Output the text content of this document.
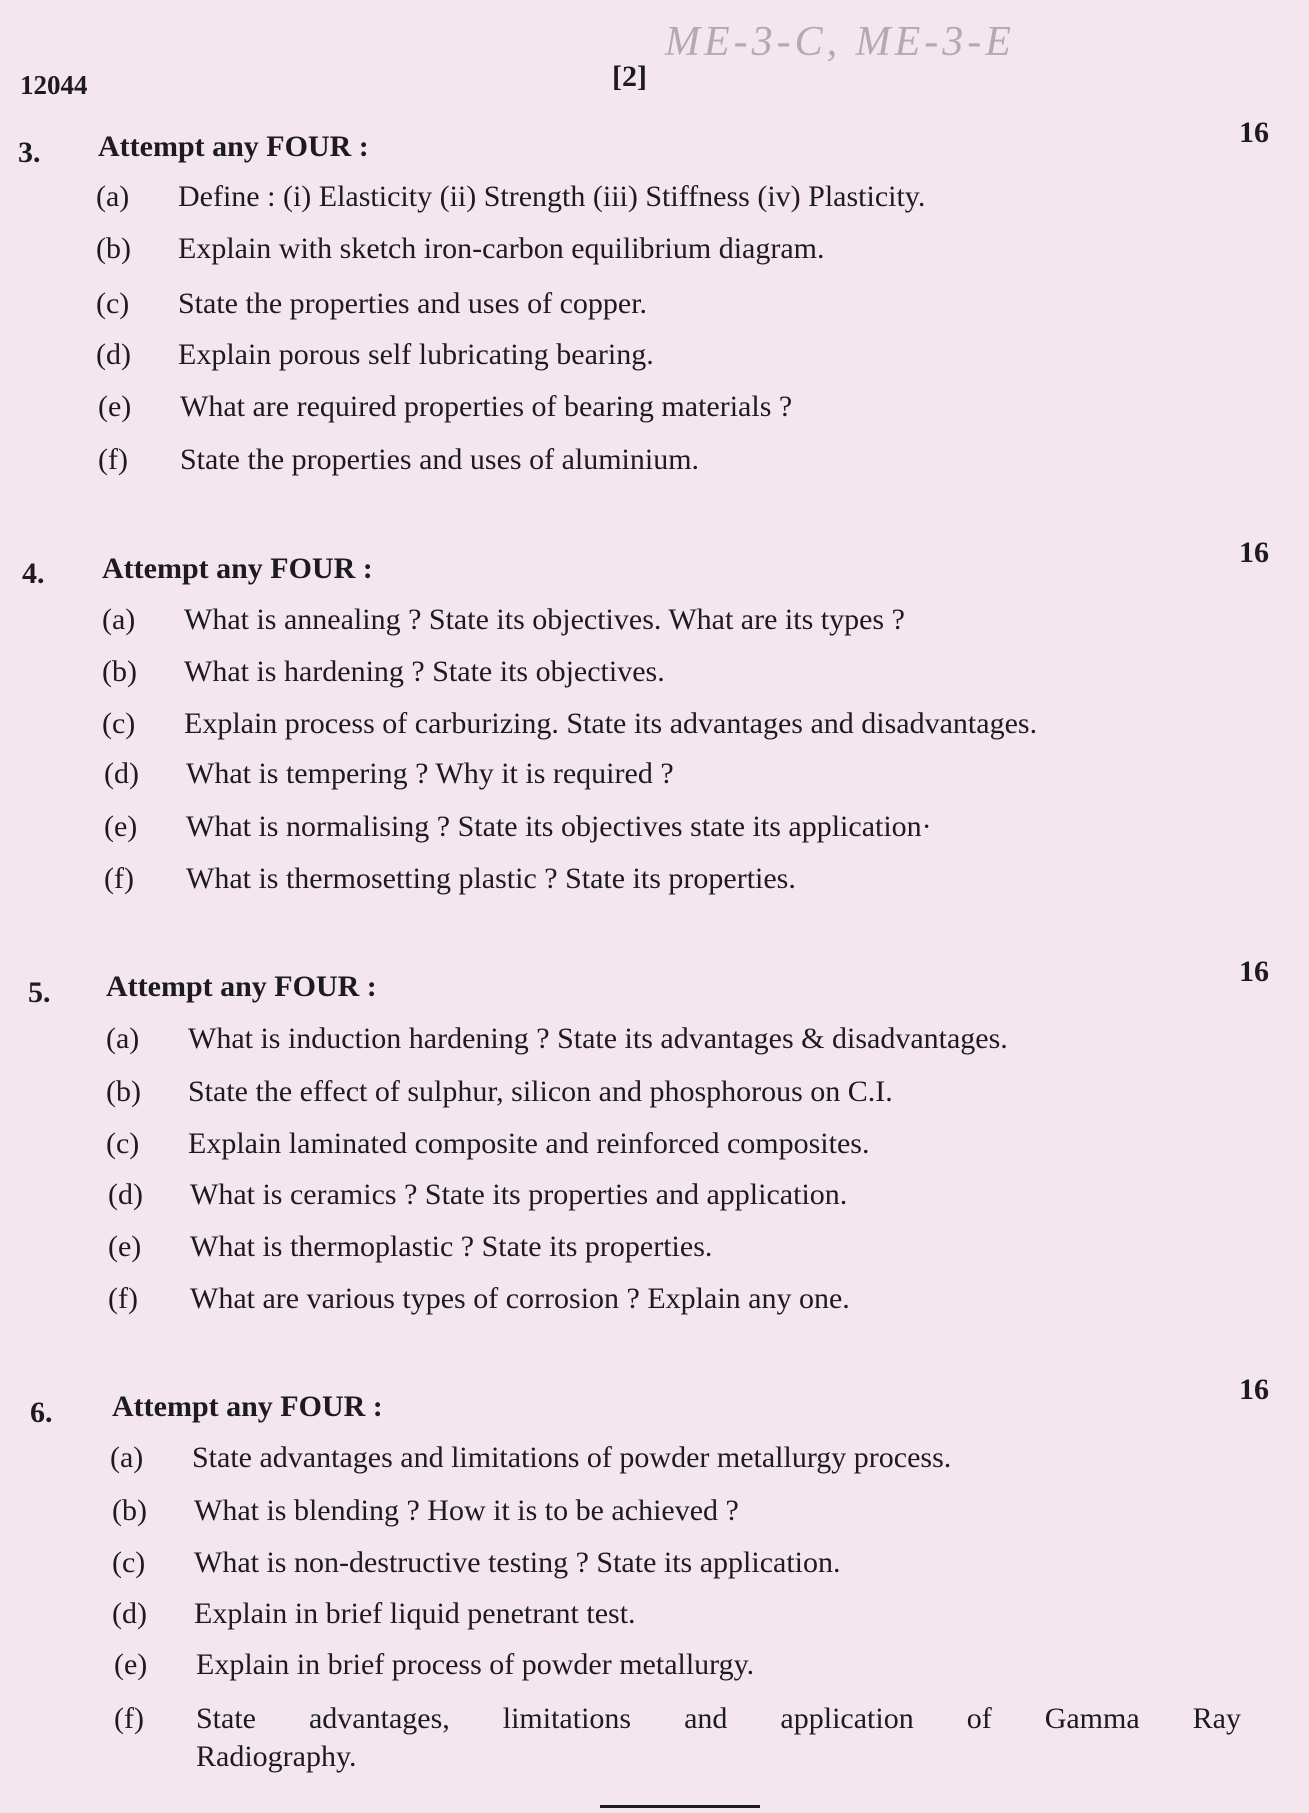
ME-3-C, ME-3-E
12044	[2]
3. Attempt any FOUR :	16
(a) Define : (i) Elasticity (ii) Strength (iii) Stiffness (iv) Plasticity.
(b) Explain with sketch iron-carbon equilibrium diagram.
(c) State the properties and uses of copper.
(d) Explain porous self lubricating bearing.
(e) What are required properties of bearing materials ?
(f) State the properties and uses of aluminium.
4. Attempt any FOUR :	16
(a) What is annealing ? State its objectives. What are its types ?
(b) What is hardening ? State its objectives.
(c) Explain process of carburizing. State its advantages and disadvantages.
(d) What is tempering ? Why it is required ?
(e) What is normalising ? State its objectives state its application·
(f) What is thermosetting plastic ? State its properties.
5. Attempt any FOUR :	16
(a) What is induction hardening ? State its advantages & disadvantages.
(b) State the effect of sulphur, silicon and phosphorous on C.I.
(c) Explain laminated composite and reinforced composites.
(d) What is ceramics ? State its properties and application.
(e) What is thermoplastic ? State its properties.
(f) What are various types of corrosion ? Explain any one.
6. Attempt any FOUR :
16
(a) State advantages and limitations of powder metallurgy process.
(b) What is blending ? How it is to be achieved ?
(c) What is non-destructive testing ? State its application.
(d) Explain in brief liquid penetrant test.
(e) Explain in brief process of powder metallurgy.
(f) State advantages, limitations and application of Gamma Ray
Radiography.
